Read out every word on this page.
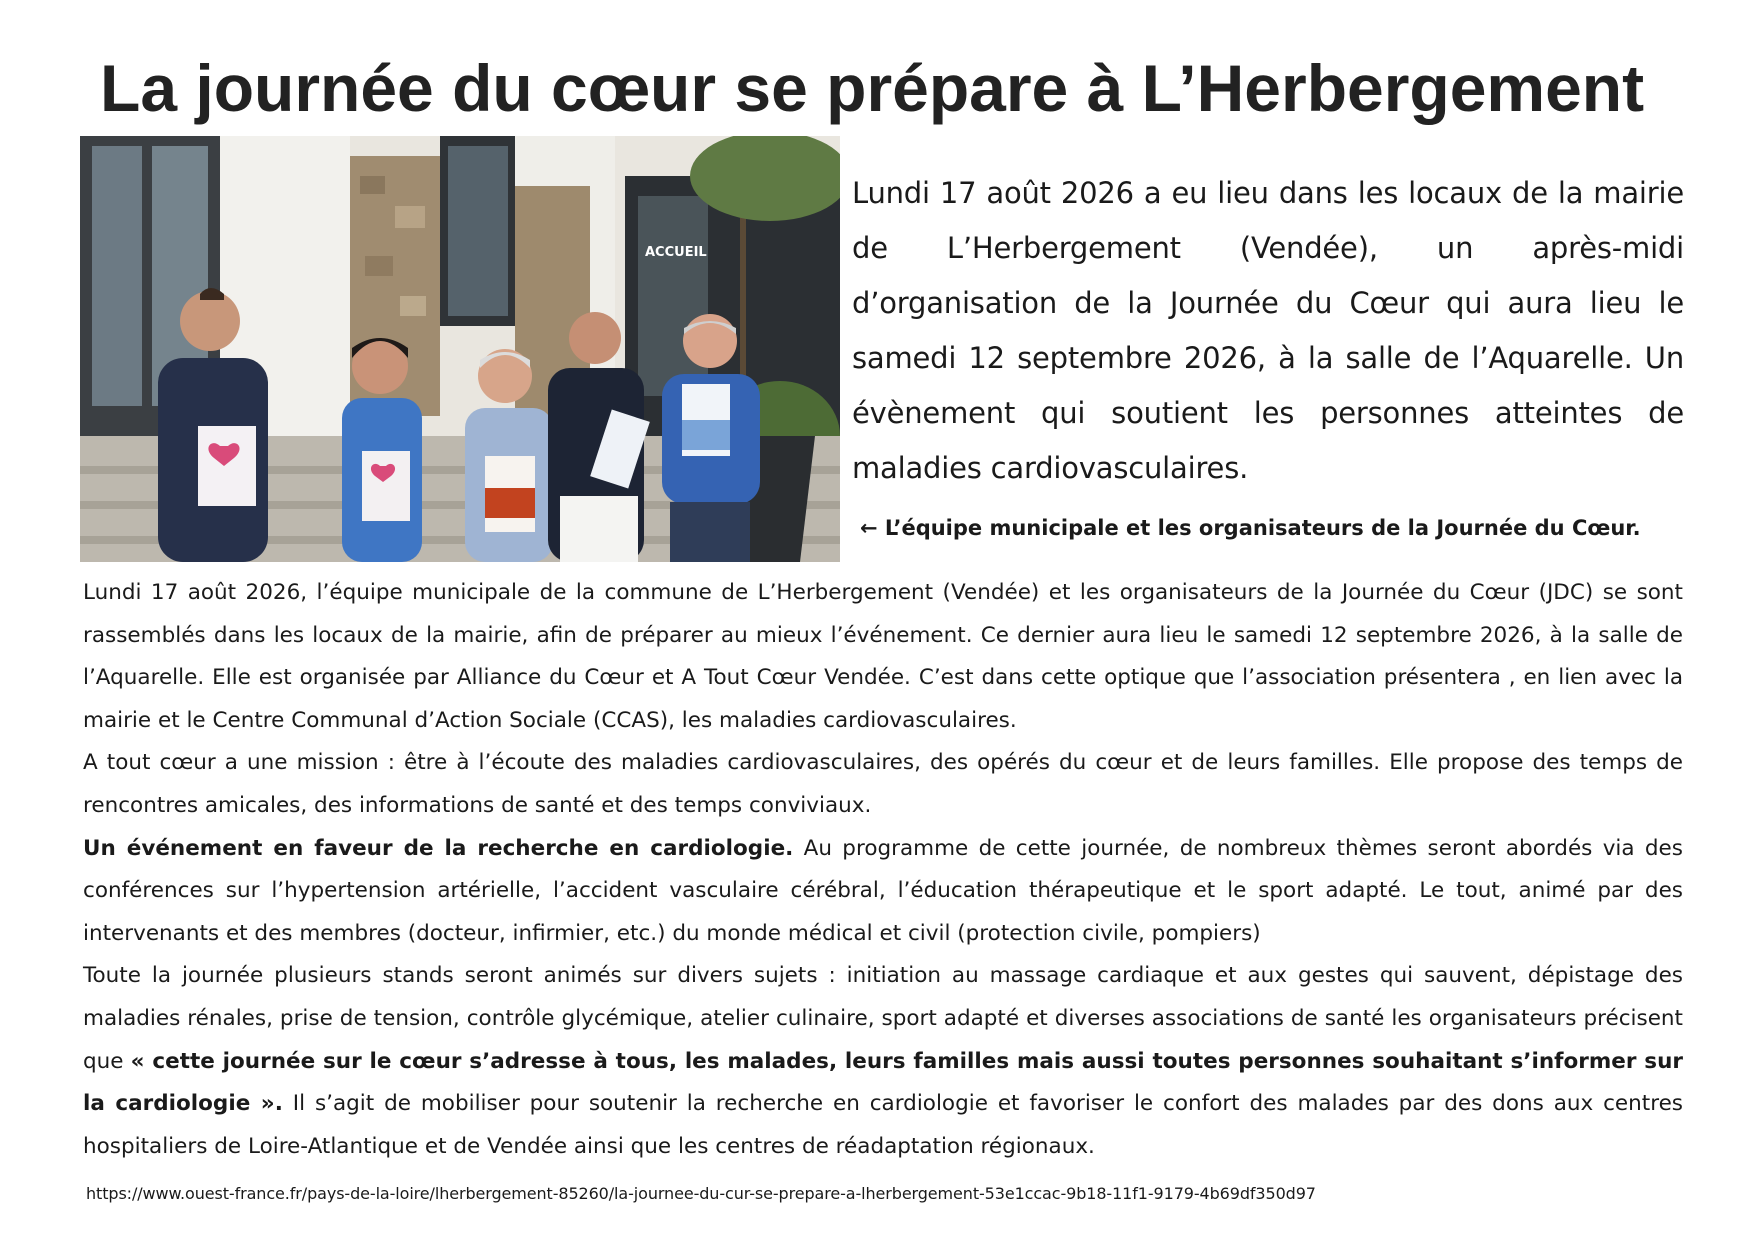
La journée du cœur se prépare à L’Herbergement
ACCUEIL

Lundi 17 août 2026 a eu lieu dans les locaux de la mairie de L’Herbergement (Vendée), un après-midi d’organisation de la Journée du Cœur qui aura lieu le samedi 12 septembre 2026, à la salle de l’Aquarelle. Un évènement qui soutient les personnes atteintes de maladies cardiovasculaires.

← L’équipe municipale et les organisateurs de la Journée du Cœur.

Lundi 17 août 2026, l’équipe municipale de la commune de L’Herbergement (Vendée) et les organisateurs de la Journée du Cœur (JDC) se sont rassemblés dans les locaux de la mairie, afin de préparer au mieux l’événement. Ce dernier aura lieu le samedi 12 septembre 2026, à la salle de l’Aquarelle. Elle est organisée par Alliance du Cœur et A Tout Cœur Vendée. C’est dans cette optique que l’association présentera , en lien avec la mairie et le Centre Communal d’Action Sociale (CCAS), les maladies cardiovasculaires.

A tout cœur a une mission : être à l’écoute des maladies cardiovasculaires, des opérés du cœur et de leurs familles. Elle propose des temps de rencontres amicales, des informations de santé et des temps conviviaux.

Un événement en faveur de la recherche en cardiologie. Au programme de cette journée, de nombreux thèmes seront abordés via des conférences sur l’hypertension artérielle, l’accident vasculaire cérébral, l’éducation thérapeutique et le sport adapté. Le tout, animé par des intervenants et des membres (docteur, infirmier, etc.) du monde médical et civil (protection civile, pompiers)

Toute la journée plusieurs stands seront animés sur divers sujets : initiation au massage cardiaque et aux gestes qui sauvent, dépistage des maladies rénales, prise de tension, contrôle glycémique, atelier culinaire, sport adapté et diverses associations de santé les organisateurs précisent que « cette journée sur le cœur s’adresse à tous, les malades, leurs familles mais aussi toutes personnes souhaitant s’informer sur la cardiologie ». Il s’agit de mobiliser pour soutenir la recherche en cardiologie et favoriser le confort des malades par des dons aux centres hospitaliers de Loire-Atlantique et de Vendée ainsi que les centres de réadaptation régionaux.

https://www.ouest-france.fr/pays-de-la-loire/lherbergement-85260/la-journee-du-cur-se-prepare-a-lherbergement-53e1ccac-9b18-11f1-9179-4b69df350d97
